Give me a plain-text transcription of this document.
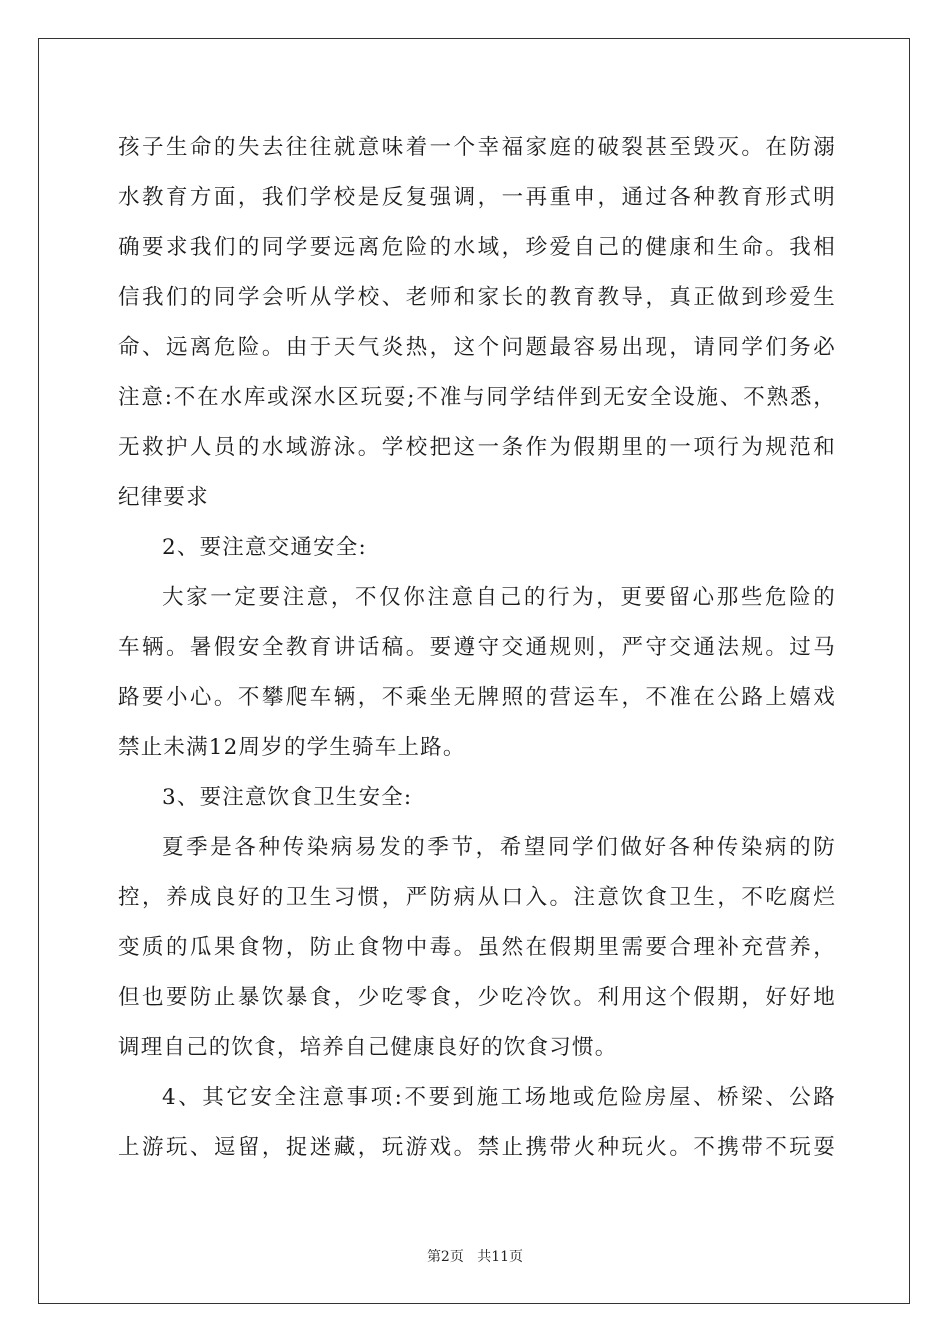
孩子生命的失去往往就意味着一个幸福家庭的破裂甚至毁灭。在防溺
水教育方面，我们学校是反复强调，一再重申，通过各种教育形式明
确要求我们的同学要远离危险的水域，珍爱自己的健康和生命。我相
信我们的同学会听从学校、老师和家长的教育教导，真正做到珍爱生
命、远离危险。由于天气炎热，这个问题最容易出现，请同学们务必
注意:不在水库或深水区玩耍;不准与同学结伴到无安全设施、不熟悉，
无救护人员的水域游泳。学校把这一条作为假期里的一项行为规范和
纪律要求
2、要注意交通安全:
大家一定要注意，不仅你注意自己的行为，更要留心那些危险的
车辆。暑假安全教育讲话稿。要遵守交通规则，严守交通法规。过马
路要小心。不攀爬车辆，不乘坐无牌照的营运车，不准在公路上嬉戏
禁止未满12周岁的学生骑车上路。
3、要注意饮食卫生安全:
夏季是各种传染病易发的季节，希望同学们做好各种传染病的防
控，养成良好的卫生习惯，严防病从口入。注意饮食卫生，不吃腐烂
变质的瓜果食物，防止食物中毒。虽然在假期里需要合理补充营养，
但也要防止暴饮暴食，少吃零食，少吃冷饮。利用这个假期，好好地
调理自己的饮食，培养自己健康良好的饮食习惯。
4、其它安全注意事项:不要到施工场地或危险房屋、桥梁、公路
上游玩、逗留，捉迷藏，玩游戏。禁止携带火种玩火。不携带不玩耍
第2页 共11页
